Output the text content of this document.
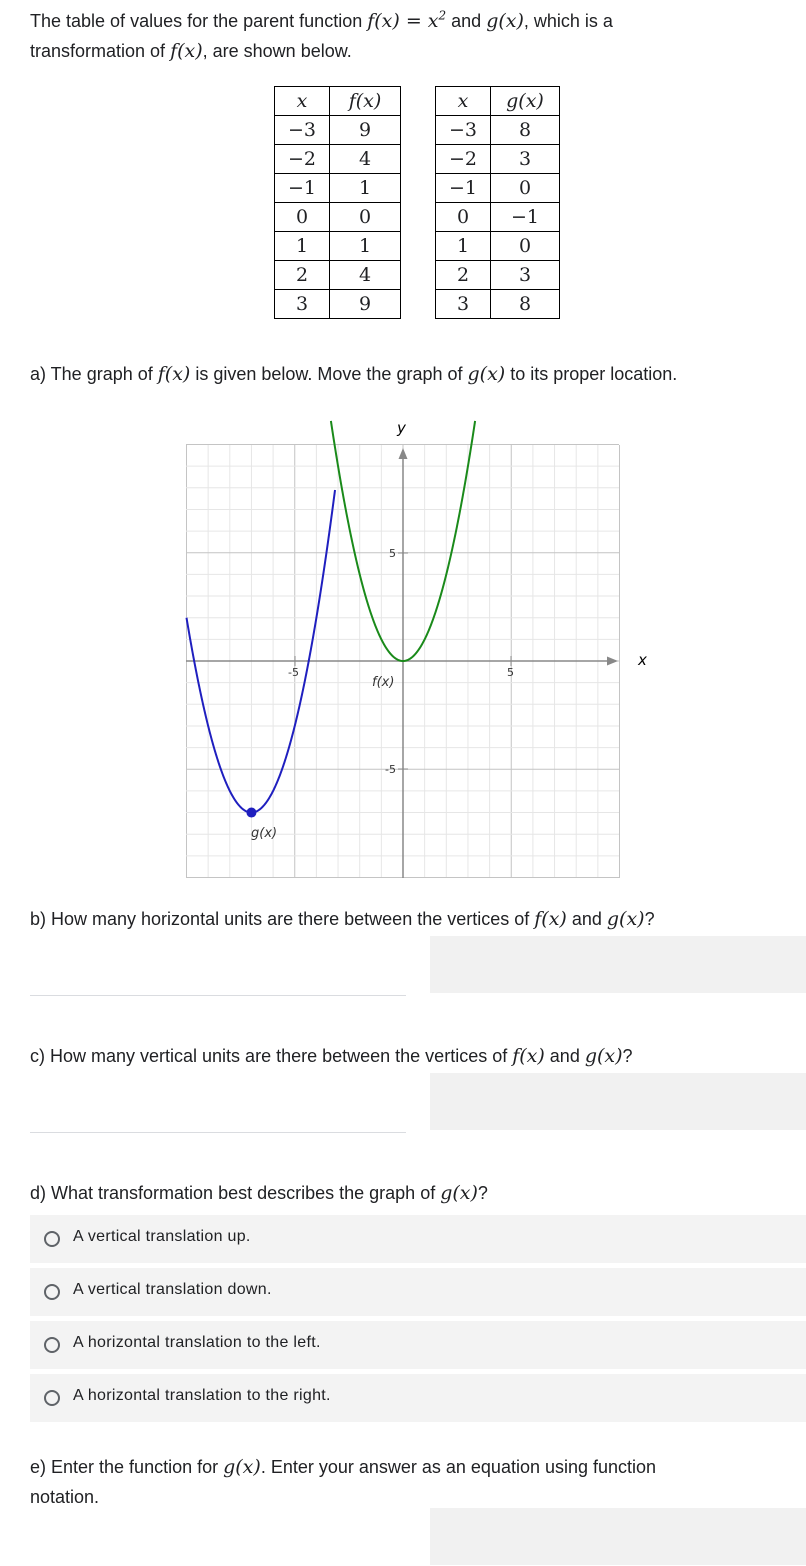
The table of values for the parent function $f(x) = x^2$ and g(x), which is a
transformation of f(x), are shown below.
x	f(x)
−3	9
−2	4
−1	1
0	0
1	1
2	4
3	9
x	g(x)
−3	8
−2	3
−1	0
0	−1
1	0
2	3
3	8
a) The graph of f(x) is given below. Move the graph of g(x) to its proper location.
x
y
-5	5
5
-5
f(x)
g(x)
b) How many horizontal units are there between the vertices of f(x) and g(x)?
c) How many vertical units are there between the vertices of f(x) and g(x)?
d) What transformation best describes the graph of g(x)?
A vertical translation up.
A vertical translation down.
A horizontal translation to the left.
A horizontal translation to the right.
e) Enter the function for g(x). Enter your answer as an equation using function
notation.
